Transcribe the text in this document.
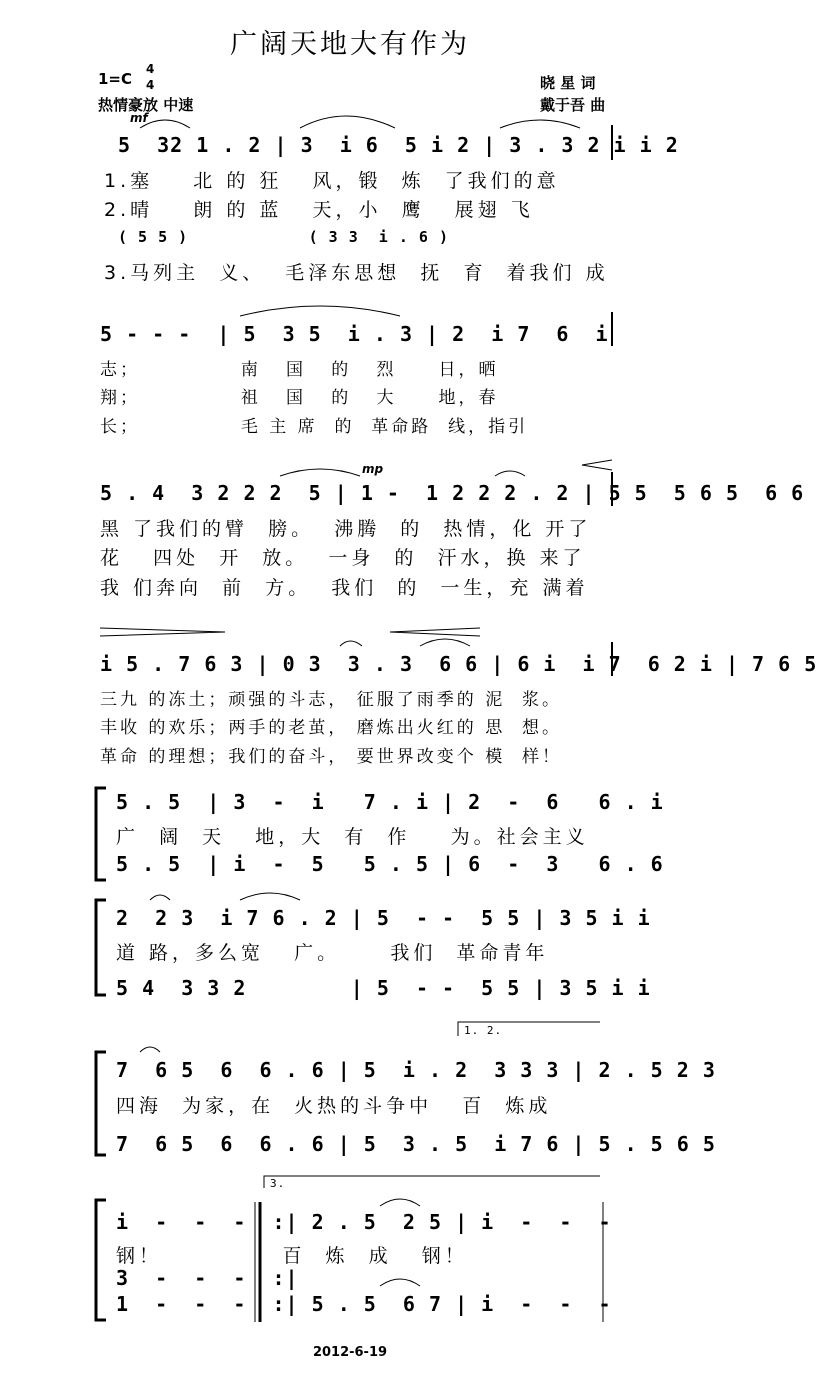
广阔天地大有作为
1=C
4
4
热情豪放 中速
晓 星 词
戴于吾 曲
mf
mp
5  32 1 . 2 | 3  i 6  5 i 2 | 3 . 3 2 i i 2
1.塞    北 的 狂   风，锻  炼  了我们的意
2.晴    朗 的 蓝   天，小  鹰   展翅 飞
( 5 5 )            ( 3 3  i . 6 )
3.马列主  义、  毛泽东思想  抚  育  着我们 成
5 - - -  | 5  3 5  i . 3 | 2  i 7  6  i
志；            南   国   的   烈     日，晒
翔；            祖   国   的   大     地，春
长；            毛 主 席  的  革命路  线，指引
5 . 4  3 2 2 2  5 | 1 -  1 2 2 2 . 2 | 5 5  5 6 5  6 6
黑 了我们的臂  膀。  沸腾  的  热情，化 开了
花   四处  开  放。  一身  的  汗水，换 来了
我 们奔向  前  方。  我们  的  一生，充 满着
i 5 . 7 6 3 | 0 3  3 . 3  6 6 | 6 i  i 7  6 2 i | 7 6 5
三九 的冻土；顽强的斗志， 征服了雨季的 泥  浆。
丰收 的欢乐；两手的老茧， 磨炼出火红的 思  想。
革命 的理想；我们的奋斗， 要世界改变个 模  样！
5 . 5  | 3  -  i   7 . i | 2  -  6   6 . i
广  阔  天   地，大  有  作    为。社会主义
5 . 5  | i  -  5   5 . 5 | 6  -  3   6 . 6
2  2 3  i 7 6 . 2 | 5  - -  5 5 | 3 5 i i
道 路，多么宽   广。     我们  革命青年
5 4  3 3 2        | 5  - -  5 5 | 3 5 i i
1. 2.
7  6 5  6  6 . 6 | 5  i . 2  3 3 3 | 2 . 5 2 3
四海  为家，在  火热的斗争中   百  炼成
7  6 5  6  6 . 6 | 5  3 . 5  i 7 6 | 5 . 5 6 5
3.
i  -  -  -  :| 2 . 5  2 5 | i  -  -  -
钢！            百  炼  成   钢！
3  -  -  -  :|
1  -  -  -  :| 5 . 5  6 7 | i  -  -  -
2012-6-19
